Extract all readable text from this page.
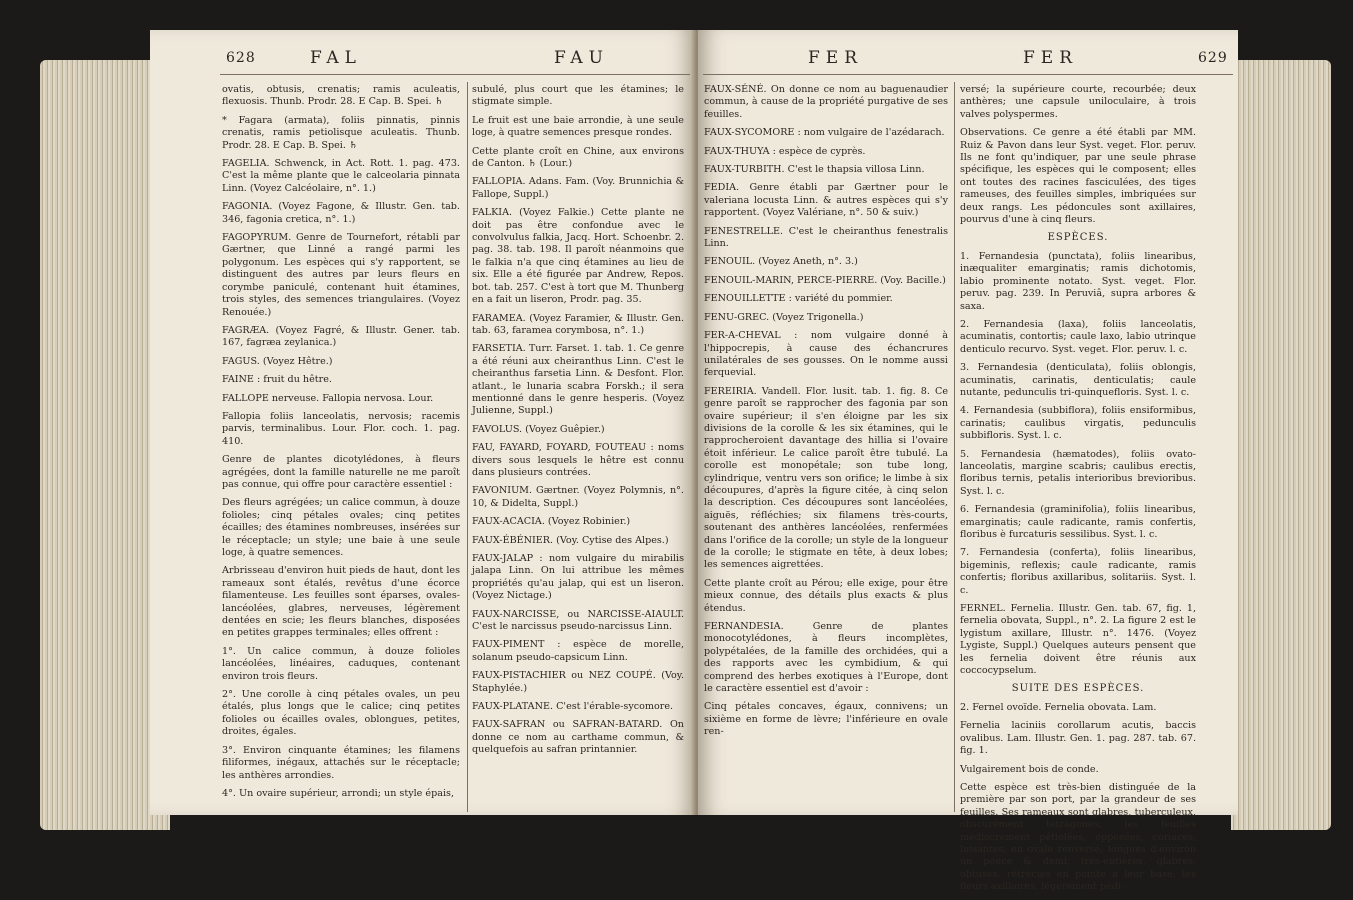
628	FAL	FAU

ovatis, obtusis, crenatis; ramis aculeatis, flexuosis. Thunb. Prodr. 28. E Cap. B. Spei. ♄

* Fagara (armata), foliis pinnatis, pinnis crenatis, ramis petiolisque aculeatis. Thunb. Prodr. 28. E Cap. B. Spei. ♄

FAGELIA. Schwenck, in Act. Rott. 1. pag. 473. C'est la même plante que le calceolaria pinnata Linn. (Voyez Calcéolaire, n°. 1.)

FAGONIA. (Voyez Fagone, & Illustr. Gen. tab. 346, fagonia cretica, n°. 1.)

FAGOPYRUM. Genre de Tournefort, rétabli par Gærtner, que Linné a rangé parmi les polygonum. Les espèces qui s'y rapportent, se distinguent des autres par leurs fleurs en corymbe paniculé, contenant huit étamines, trois styles, des semences triangulaires. (Voyez Renouée.)

FAGRÆA. (Voyez Fagré, & Illustr. Gener. tab. 167, fagræa zeylanica.)

FAGUS. (Voyez Hêtre.)

FAINE : fruit du hêtre.

FALLOPE nerveuse. Fallopia nervosa. Lour.

Fallopia foliis lanceolatis, nervosis; racemis parvis, terminalibus. Lour. Flor. coch. 1. pag. 410.

Genre de plantes dicotylédones, à fleurs agrégées, dont la famille naturelle ne me paroît pas connue, qui offre pour caractère essentiel :

Des fleurs agrégées; un calice commun, à douze folioles; cinq pétales ovales; cinq petites écailles; des étamines nombreuses, insérées sur le réceptacle; un style; une baie à une seule loge, à quatre semences.

Arbrisseau d'environ huit pieds de haut, dont les rameaux sont étalés, revêtus d'une écorce filamenteuse. Les feuilles sont éparses, ovales-lancéolées, glabres, nerveuses, légèrement dentées en scie; les fleurs blanches, disposées en petites grappes terminales; elles offrent :

1°. Un calice commun, à douze folioles lancéolées, linéaires, caduques, contenant environ trois fleurs.

2°. Une corolle à cinq pétales ovales, un peu étalés, plus longs que le calice; cinq petites folioles ou écailles ovales, oblongues, petites, droites, égales.

3°. Environ cinquante étamines; les filamens filiformes, inégaux, attachés sur le réceptacle; les anthères arrondies.

4°. Un ovaire supérieur, arrondi; un style épais,

subulé, plus court que les étamines; le stigmate simple.

Le fruit est une baie arrondie, à une seule loge, à quatre semences presque rondes.

Cette plante croît en Chine, aux environs de Canton. ♄ (Lour.)

FALLOPIA. Adans. Fam. (Voy. Brunnichia & Fallope, Suppl.)

FALKIA. (Voyez Falkie.) Cette plante ne doit pas être confondue avec le convolvulus falkia, Jacq. Hort. Schoenbr. 2. pag. 38. tab. 198. Il paroît néanmoins que le falkia n'a que cinq étamines au lieu de six. Elle a été figurée par Andrew, Repos. bot. tab. 257. C'est à tort que M. Thunberg en a fait un liseron, Prodr. pag. 35.

FARAMEA. (Voyez Faramier, & Illustr. Gen. tab. 63, faramea corymbosa, n°. 1.)

FARSETIA. Turr. Farset. 1. tab. 1. Ce genre a été réuni aux cheiranthus Linn. C'est le cheiranthus farsetia Linn. & Desfont. Flor. atlant., le lunaria scabra Forskh.; il sera mentionné dans le genre hesperis. (Voyez Julienne, Suppl.)

FAVOLUS. (Voyez Guêpier.)

FAU, FAYARD, FOYARD, FOUTEAU : noms divers sous lesquels le hêtre est connu dans plusieurs contrées.

FAVONIUM. Gærtner. (Voyez Polymnis, n°. 10, & Didelta, Suppl.)

FAUX-ACACIA. (Voyez Robinier.)

FAUX-ÉBÉNIER. (Voy. Cytise des Alpes.)

FAUX-JALAP : nom vulgaire du mirabilis jalapa Linn. On lui attribue les mêmes propriétés qu'au jalap, qui est un liseron. (Voyez Nictage.)

FAUX-NARCISSE, ou NARCISSE-AIAULT. C'est le narcissus pseudo-narcissus Linn.

FAUX-PIMENT : espèce de morelle, solanum pseudo-capsicum Linn.

FAUX-PISTACHIER ou NEZ COUPÉ. (Voy. Staphylée.)

FAUX-PLATANE. C'est l'érable-sycomore.

FAUX-SAFRAN ou SAFRAN-BATARD. On donne ce nom au carthame commun, & quelquefois au safran printannier.

FER	FER	629

FAUX-SÉNÉ. On donne ce nom au baguenaudier commun, à cause de la propriété purgative de ses feuilles.

FAUX-SYCOMORE : nom vulgaire de l'azédarach.

FAUX-THUYA : espèce de cyprès.

FAUX-TURBITH. C'est le thapsia villosa Linn.

FEDIA. Genre établi par Gærtner pour le valeriana locusta Linn. & autres espèces qui s'y rapportent. (Voyez Valériane, n°. 50 & suiv.)

FENESTRELLE. C'est le cheiranthus fenestralis Linn.

FENOUIL. (Voyez Aneth, n°. 3.)

FENOUIL-MARIN, PERCE-PIERRE. (Voy. Bacille.)

FENOUILLETTE : variété du pommier.

FENU-GREC. (Voyez Trigonella.)

FER-A-CHEVAL : nom vulgaire donné à l'hippocrepis, à cause des échancrures unilatérales de ses gousses. On le nomme aussi ferquevial.

FEREIRIA. Vandell. Flor. lusit. tab. 1. fig. 8. Ce genre paroît se rapprocher des fagonia par son ovaire supérieur; il s'en éloigne par les six divisions de la corolle & les six étamines, qui le rapprocheroient davantage des hillia si l'ovaire étoit inférieur. Le calice paroît être tubulé. La corolle est monopétale; son tube long, cylindrique, ventru vers son orifice; le limbe à six découpures, d'après la figure citée, à cinq selon la description. Ces découpures sont lancéolées, aiguës, réfléchies; six filamens très-courts, soutenant des anthères lancéolées, renfermées dans l'orifice de la corolle; un style de la longueur de la corolle; le stigmate en tête, à deux lobes; les semences aigrettées.

Cette plante croît au Pérou; elle exige, pour être mieux connue, des détails plus exacts & plus étendus.

FERNANDESIA. Genre de plantes monocotylédones, à fleurs incomplètes, polypétalées, de la famille des orchidées, qui a des rapports avec les cymbidium, & qui comprend des herbes exotiques à l'Europe, dont le caractère essentiel est d'avoir :

Cinq pétales concaves, égaux, connivens; un sixième en forme de lèvre; l'inférieure en ovale ren-

versé; la supérieure courte, recourbée; deux anthères; une capsule uniloculaire, à trois valves polyspermes.

Observations. Ce genre a été établi par MM. Ruiz & Pavon dans leur Syst. veget. Flor. peruv. Ils ne font qu'indiquer, par une seule phrase spécifique, les espèces qui le composent; elles ont toutes des racines fasciculées, des tiges rameuses, des feuilles simples, imbriquées sur deux rangs. Les pédoncules sont axillaires, pourvus d'une à cinq fleurs.

ESPÈCES.

1. Fernandesia (punctata), foliis linearibus, inæqualiter emarginatis; ramis dichotomis, labio prominente notato. Syst. veget. Flor. peruv. pag. 239. In Peruviâ, supra arbores & saxa.

2. Fernandesia (laxa), foliis lanceolatis, acuminatis, contortis; caule laxo, labio utrinque denticulo recurvo. Syst. veget. Flor. peruv. l. c.

3. Fernandesia (denticulata), foliis oblongis, acuminatis, carinatis, denticulatis; caule nutante, pedunculis tri-quinquefloris. Syst. l. c.

4. Fernandesia (subbiflora), foliis ensiformibus, carinatis; caulibus virgatis, pedunculis subbifloris. Syst. l. c.

5. Fernandesia (hæmatodes), foliis ovato-lanceolatis, margine scabris; caulibus erectis, floribus ternis, petalis interioribus brevioribus. Syst. l. c.

6. Fernandesia (graminifolia), foliis linearibus, emarginatis; caule radicante, ramis confertis, floribus è furcaturis sessilibus. Syst. l. c.

7. Fernandesia (conferta), foliis linearibus, bigeminis, reflexis; caule radicante, ramis confertis; floribus axillaribus, solitariis. Syst. l. c.

FERNEL. Fernelia. Illustr. Gen. tab. 67, fig. 1, fernelia obovata, Suppl., n°. 2. La figure 2 est le lygistum axillare, Illustr. n°. 1476. (Voyez Lygiste, Suppl.) Quelques auteurs pensent que les fernelia doivent être réunis aux coccocypselum.

SUITE DES ESPÈCES.

2. Fernel ovoïde. Fernelia obovata. Lam.

Fernelia laciniis corollarum acutis, baccis ovalibus. Lam. Illustr. Gen. 1. pag. 287. tab. 67. fig. 1.

Vulgairement bois de conde.

Cette espèce est très-bien distinguée de la première par son port, par la grandeur de ses feuilles. Ses rameaux sont glabres, tuberculeux, obscurément tétragones; les feuilles médiocrement pétiolées, opposées, coriaces, luisantes, en ovale renversé, longues d'environ un pouce & demi, très-entières, glabres, obtuses, rétrécies en pointe à leur base; les fleurs axillaires, légèrement pédi-
